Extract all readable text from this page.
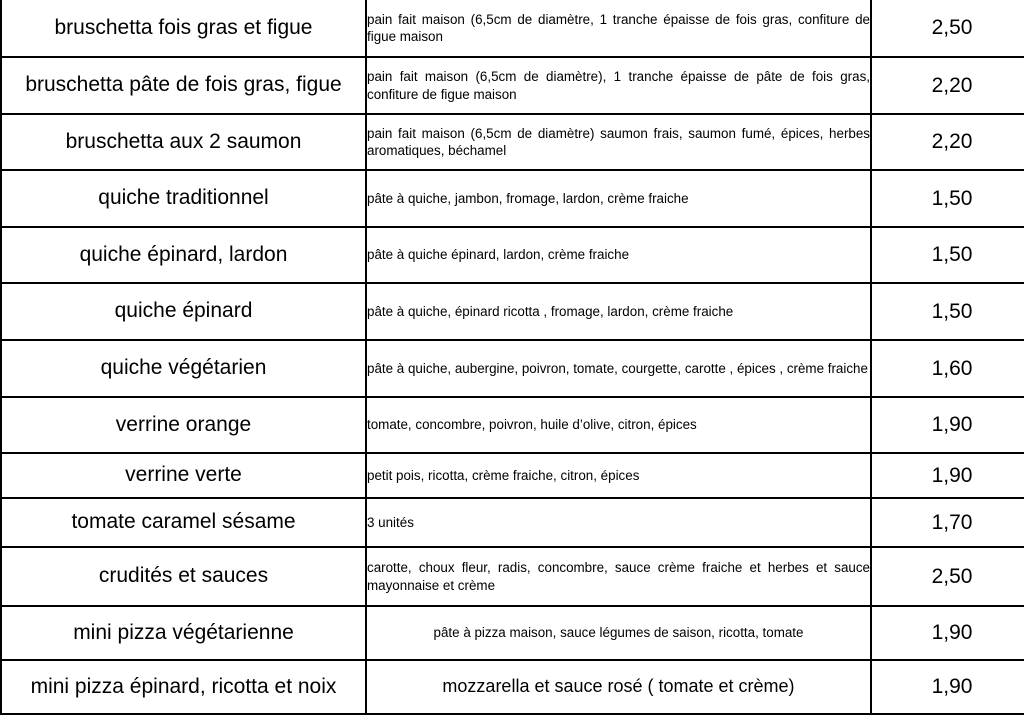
bruschetta fois gras et figue	pain fait maison (6,5cm de diamètre, 1 tranche épaisse de fois gras, confiture de figue maison	2,50
bruschetta pâte de fois gras, figue	pain fait maison (6,5cm de diamètre), 1 tranche épaisse de pâte de fois gras, confiture de figue maison	2,20
bruschetta aux 2 saumon	pain fait maison (6,5cm de diamètre) saumon frais, saumon fumé, épices, herbes aromatiques, béchamel	2,20
quiche traditionnel	pâte à quiche, jambon, fromage, lardon, crème fraiche	1,50
quiche épinard, lardon	pâte à quiche épinard, lardon, crème fraiche	1,50
quiche épinard	pâte à quiche, épinard ricotta , fromage, lardon, crème fraiche	1,50
quiche végétarien	pâte à quiche, aubergine, poivron, tomate, courgette, carotte , épices , crème fraiche	1,60
verrine orange	tomate, concombre, poivron, huile d’olive, citron, épices	1,90
verrine verte	petit pois, ricotta, crème fraiche, citron, épices	1,90
tomate caramel sésame	3 unités	1,70
crudités et sauces	carotte, choux fleur, radis, concombre, sauce crème fraiche et herbes et sauce mayonnaise et crème	2,50
mini pizza végétarienne	pâte à pizza maison, sauce légumes de saison, ricotta, tomate	1,90
mini pizza épinard, ricotta et noix	mozzarella et sauce rosé ( tomate et crème)	1,90
